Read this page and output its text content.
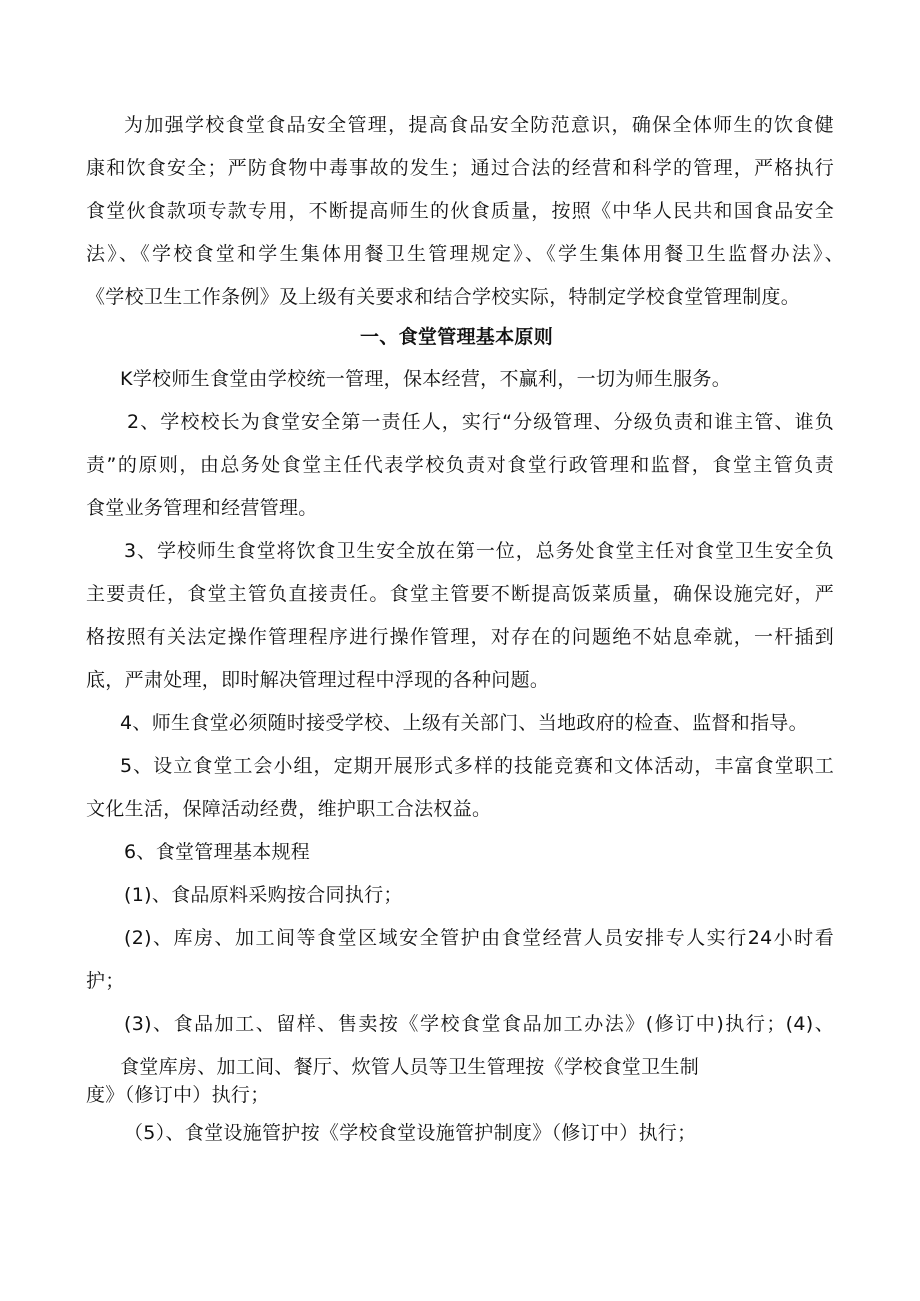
为加强学校食堂食品安全管理，提高食品安全防范意识，确保全体师生的饮食健
康和饮食安全；严防食物中毒事故的发生；通过合法的经营和科学的管理，严格执行
食堂伙食款项专款专用，不断提高师生的伙食质量，按照《中华人民共和国食品安全
法》、《学校食堂和学生集体用餐卫生管理规定》、《学生集体用餐卫生监督办法》、
《学校卫生工作条例》及上级有关要求和结合学校实际，特制定学校食堂管理制度。
一、食堂管理基本原则
K学校师生食堂由学校统一管理，保本经营，不赢利，一切为师生服务。
2、学校校长为食堂安全第一责任人，实行“分级管理、分级负责和谁主管、谁负
责”的原则，由总务处食堂主任代表学校负责对食堂行政管理和监督，食堂主管负责
食堂业务管理和经营管理。
3、学校师生食堂将饮食卫生安全放在第一位，总务处食堂主任对食堂卫生安全负
主要责任，食堂主管负直接责任。食堂主管要不断提高饭菜质量，确保设施完好，严
格按照有关法定操作管理程序进行操作管理，对存在的问题绝不姑息牵就，一杆插到
底，严肃处理，即时解决管理过程中浮现的各种问题。
4、师生食堂必须随时接受学校、上级有关部门、当地政府的检查、监督和指导。
5、设立食堂工会小组，定期开展形式多样的技能竞赛和文体活动，丰富食堂职工
文化生活，保障活动经费，维护职工合法权益。
6、食堂管理基本规程
(1)、食品原料采购按合同执行；
(2)、库房、加工间等食堂区域安全管护由食堂经营人员安排专人实行24小时看
护；
(3)、食品加工、留样、售卖按《学校食堂食品加工办法》(修订中)执行；(4)、
食堂库房、加工间、餐厅、炊管人员等卫生管理按《学校食堂卫生制
度》（修订中）执行；
（5）、食堂设施管护按《学校食堂设施管护制度》（修订中）执行；
